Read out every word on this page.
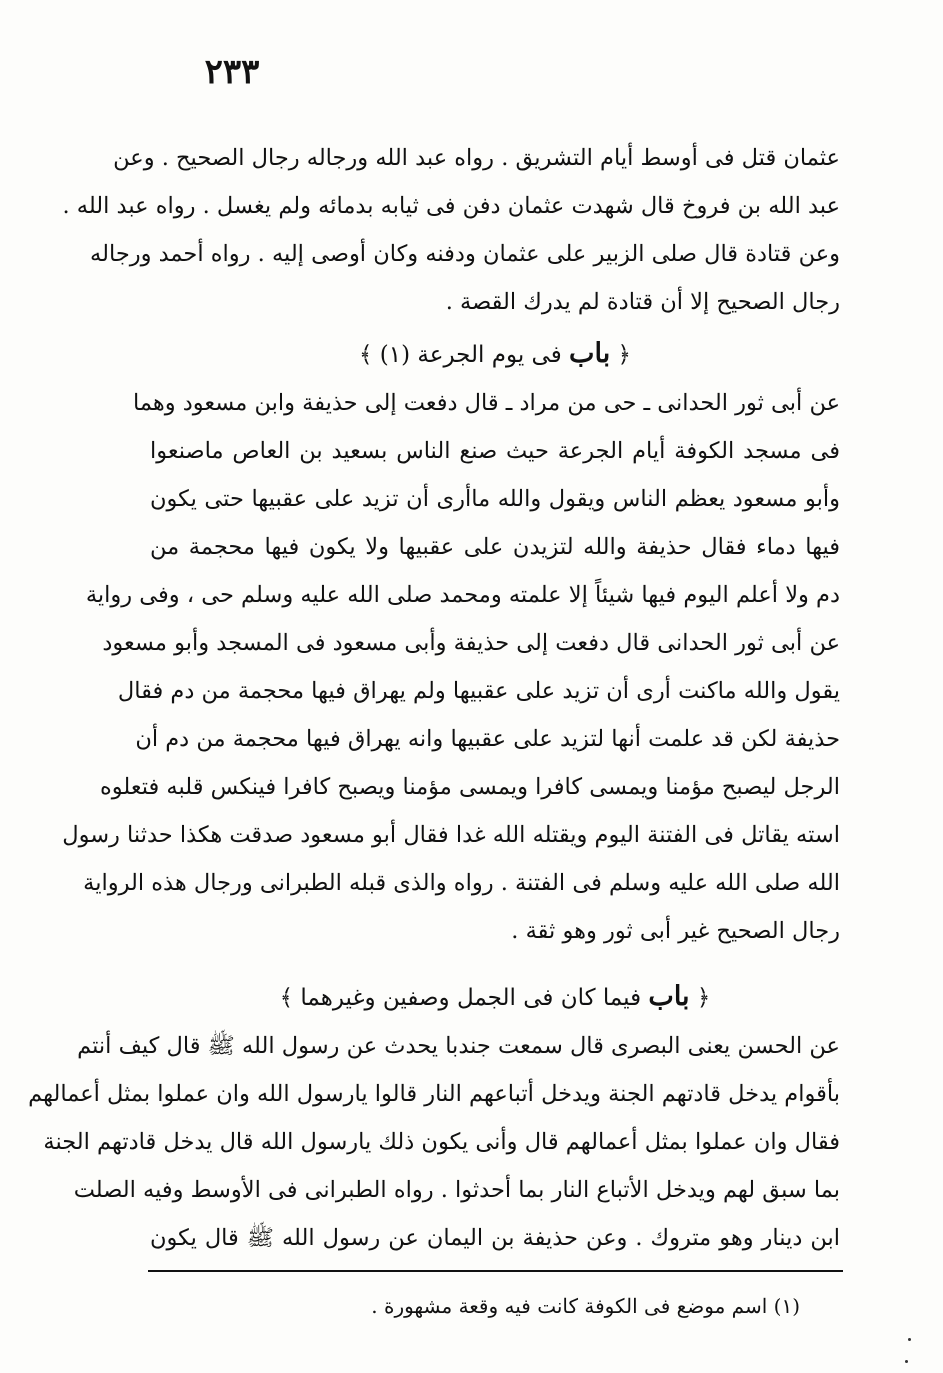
٢٣٣
عثمان قتل فى أوسط أيام التشريق . رواه عبد الله ورجاله رجال الصحيح . وعن
عبد الله بن فروخ قال شهدت عثمان دفن فى ثيابه بدمائه ولم يغسل . رواه عبد الله .
وعن قتادة قال صلى الزبير على عثمان ودفنه وكان أوصى إليه . رواه أحمد ورجاله
رجال الصحيح إلا أن قتادة لم يدرك القصة .
﴿ باب فى يوم الجرعة (١) ﴾
عن أبى ثور الحدانى ـ حى من مراد ـ قال دفعت إلى حذيفة وابن مسعود وهما
فى مسجد الكوفة أيام الجرعة حيث صنع الناس بسعيد بن العاص ماصنعوا
وأبو مسعود يعظم الناس ويقول والله ماأرى أن تزيد على عقبيها حتى يكون
فيها دماء فقال حذيفة والله لتزيدن على عقبيها ولا يكون فيها محجمة من
دم ولا أعلم اليوم فيها شيئاً إلا علمته ومحمد صلى الله عليه وسلم حى ، وفى رواية
عن أبى ثور الحدانى قال دفعت إلى حذيفة وأبى مسعود فى المسجد وأبو مسعود
يقول والله ماكنت أرى أن تزيد على عقبيها ولم يهراق فيها محجمة من دم فقال
حذيفة لكن قد علمت أنها لتزيد على عقبيها وانه يهراق فيها محجمة من دم أن
الرجل ليصبح مؤمنا ويمسى كافرا ويمسى مؤمنا ويصبح كافرا فينكس قلبه فتعلوه
استه يقاتل فى الفتنة اليوم ويقتله الله غدا فقال أبو مسعود صدقت هكذا حدثنا رسول
الله صلى الله عليه وسلم فى الفتنة . رواه والذى قبله الطبرانى ورجال هذه الرواية
رجال الصحيح غير أبى ثور وهو ثقة .
﴿ باب فيما كان فى الجمل وصفين وغيرهما ﴾
عن الحسن يعنى البصرى قال سمعت جندبا يحدث عن رسول الله ﷺ قال كيف أنتم
بأقوام يدخل قادتهم الجنة ويدخل أتباعهم النار قالوا يارسول الله وان عملوا بمثل أعمالهم
فقال وان عملوا بمثل أعمالهم قال وأنى يكون ذلك يارسول الله قال يدخل قادتهم الجنة
بما سبق لهم ويدخل الأتباع النار بما أحدثوا . رواه الطبرانى فى الأوسط وفيه الصلت
ابن دينار وهو متروك . وعن حذيفة بن اليمان عن رسول الله ﷺ قال يكون
(١) اسم موضع فى الكوفة كانت فيه وقعة مشهورة .
